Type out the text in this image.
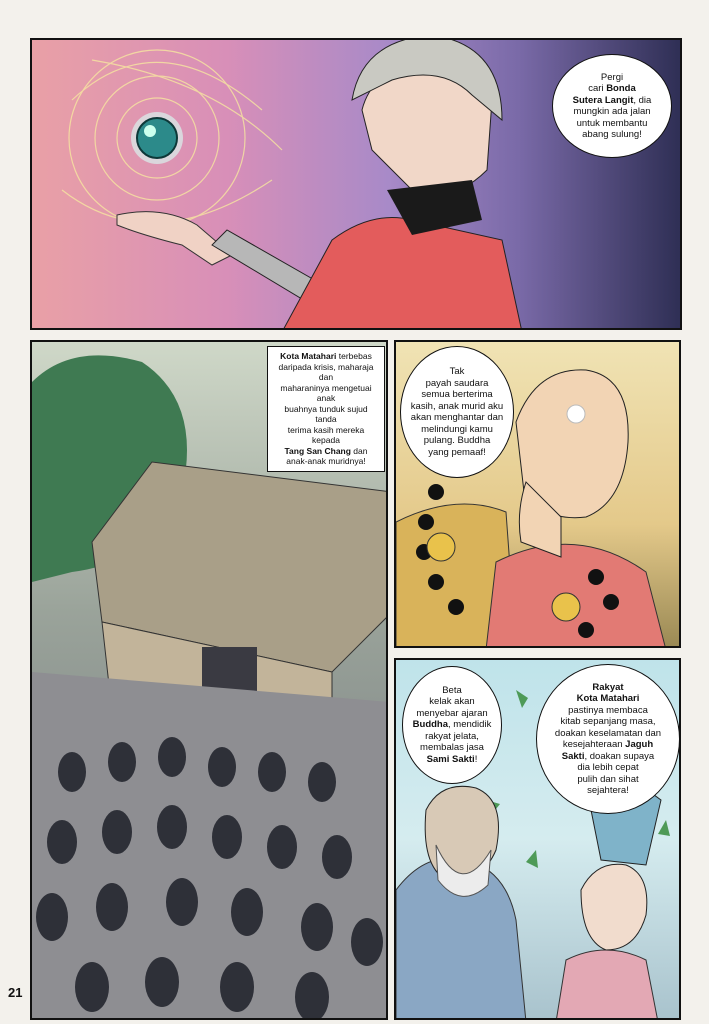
Pergi
cari Bonda
Sutera Langit, dia
mungkin ada jalan
untuk membantu
abang sulung!
Kota Matahari terbebas
daripada krisis, maharaja dan
maharaninya mengetuai anak
buahnya tunduk sujud tanda
terima kasih mereka kepada
Tang San Chang dan
anak-anak muridnya!
Tak
payah saudara
semua berterima
kasih, anak murid aku
akan menghantar dan
melindungi kamu
pulang. Buddha
yang pemaaf!
Beta
kelak akan
menyebar ajaran
Buddha, mendidik
rakyat jelata,
membalas jasa
Sami Sakti!
Rakyat
Kota Matahari
pastinya membaca
kitab sepanjang masa,
doakan keselamatan dan
kesejahteraan Jaguh
Sakti, doakan supaya
dia lebih cepat
pulih dan sihat
sejahtera!
21
